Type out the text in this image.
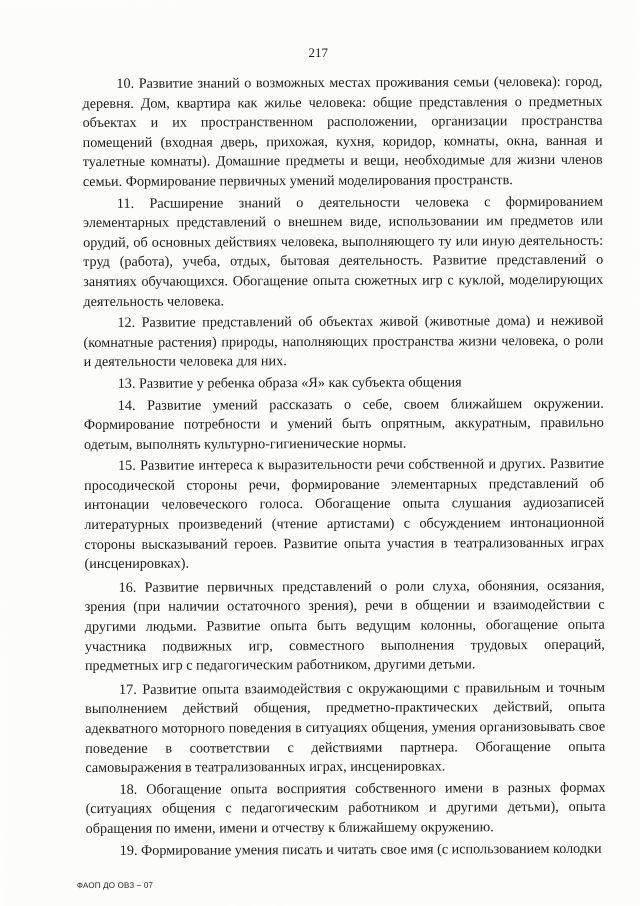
217

10. Развитие знаний о возможных местах проживания семьи (человека): город, деревня. Дом, квартира как жилье человека: общие представления о предметных объектах и их пространственном расположении, организации пространства помещений (входная дверь, прихожая, кухня, коридор, комнаты, окна, ванная и туалетные комнаты). Домашние предметы и вещи, необходимые для жизни членов семьи. Формирование первичных умений моделирования пространств.

11. Расширение знаний о деятельности человека с формированием элементарных представлений о внешнем виде, использовании им предметов или орудий, об основных действиях человека, выполняющего ту или иную деятельность: труд (работа), учеба, отдых, бытовая деятельность. Развитие представлений о занятиях обучающихся. Обогащение опыта сюжетных игр с куклой, моделирующих деятельность человека.

12. Развитие представлений об объектах живой (животные дома) и неживой (комнатные растения) природы, наполняющих пространства жизни человека, о роли и деятельности человека для них.

13. Развитие у ребенка образа «Я» как субъекта общения

14. Развитие умений рассказать о себе, своем ближайшем окружении. Формирование потребности и умений быть опрятным, аккуратным, правильно одетым, выполнять культурно-гигиенические нормы.

15. Развитие интереса к выразительности речи собственной и других. Развитие просодической стороны речи, формирование элементарных представлений об интонации человеческого голоса. Обогащение опыта слушания аудиозаписей литературных произведений (чтение артистами) с обсуждением интонационной стороны высказываний героев. Развитие опыта участия в театрализованных играх (инсценировках).

16. Развитие первичных представлений о роли слуха, обоняния, осязания, зрения (при наличии остаточного зрения), речи в общении и взаимодействии с другими людьми. Развитие опыта быть ведущим колонны, обогащение опыта участника подвижных игр, совместного выполнения трудовых операций, предметных игр с педагогическим работником, другими детьми.

17. Развитие опыта взаимодействия с окружающими с правильным и точным выполнением действий общения, предметно-практических действий, опыта адекватного моторного поведения в ситуациях общения, умения организовывать свое поведение в соответствии с действиями партнера. Обогащение опыта самовыражения в театрализованных играх, инсценировках.

18. Обогащение опыта восприятия собственного имени в разных формах (ситуациях общения с педагогическим работником и другими детьми), опыта обращения по имени, имени и отчеству к ближайшему окружению.

19. Формирование умения писать и читать свое имя (с использованием колодки

ФАОП ДО ОВЗ – 07
